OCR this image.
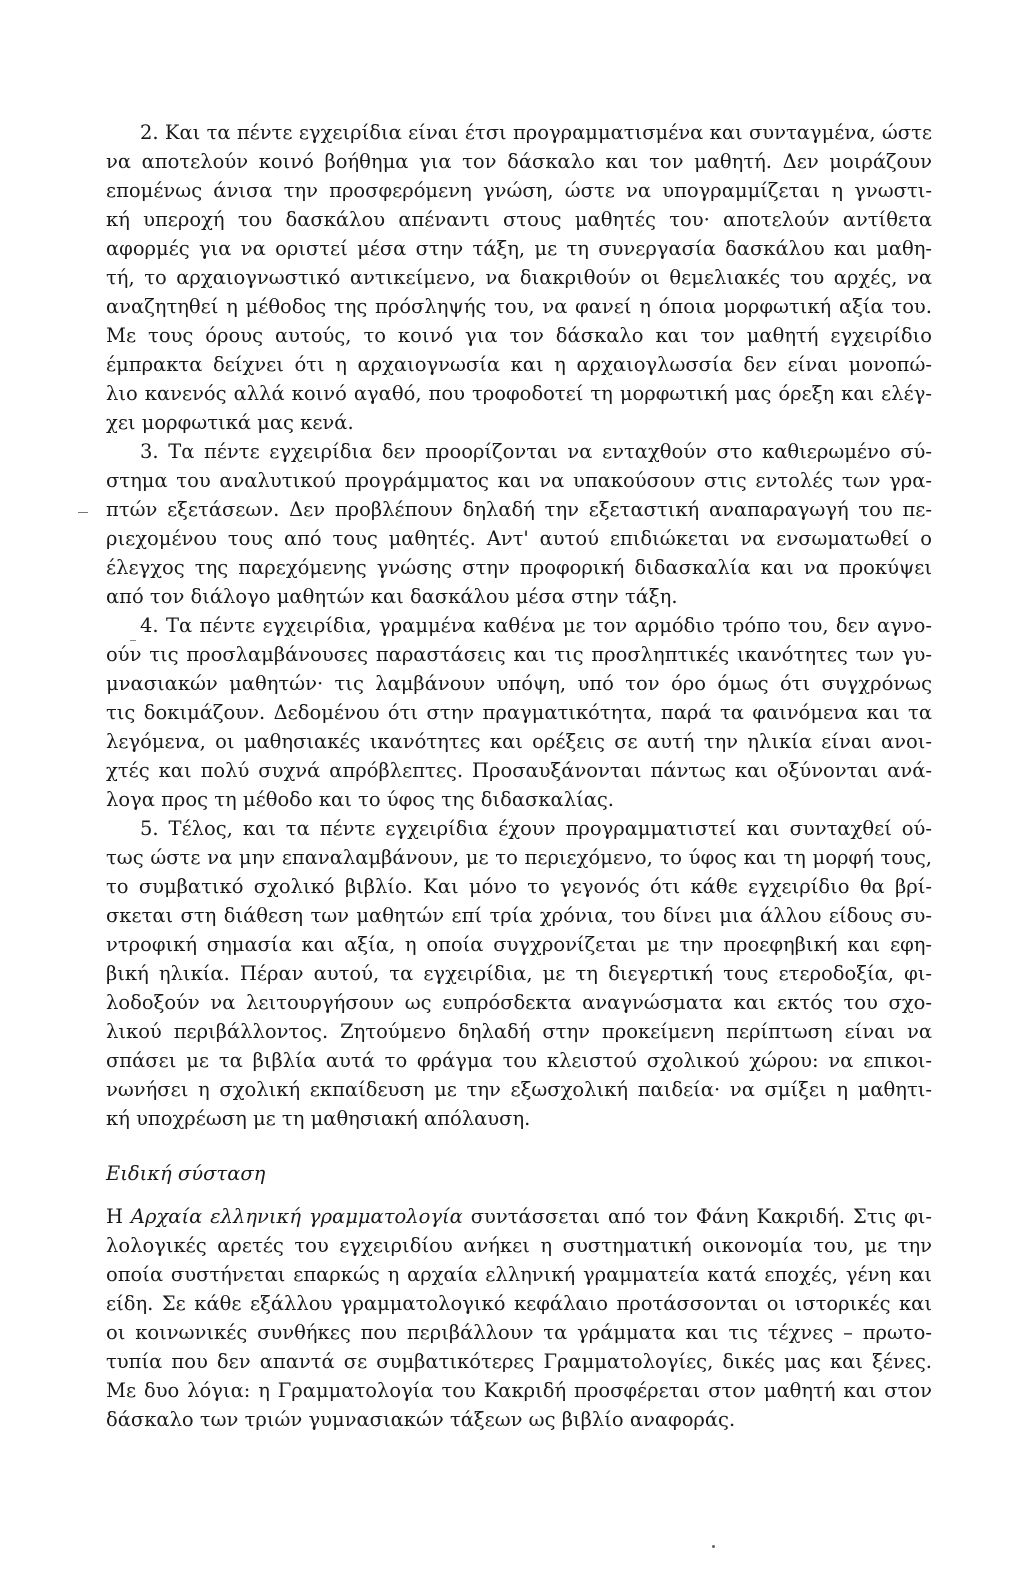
2. Και τα πέντε εγχειρίδια είναι έτσι προγραμματισμένα και συνταγμένα, ώστε
να αποτελούν κοινό βοήθημα για τον δάσκαλο και τον μαθητή. Δεν μοιράζουν
επομένως άνισα την προσφερόμενη γνώση, ώστε να υπογραμμίζεται η γνωστι-
κή υπεροχή του δασκάλου απέναντι στους μαθητές του· αποτελούν αντίθετα
αφορμές για να οριστεί μέσα στην τάξη, με τη συνεργασία δασκάλου και μαθη-
τή, το αρχαιογνωστικό αντικείμενο, να διακριθούν οι θεμελιακές του αρχές, να
αναζητηθεί η μέθοδος της πρόσληψής του, να φανεί η όποια μορφωτική αξία του.
Με τους όρους αυτούς, το κοινό για τον δάσκαλο και τον μαθητή εγχειρίδιο
έμπρακτα δείχνει ότι η αρχαιογνωσία και η αρχαιογλωσσία δεν είναι μονοπώ-
λιο κανενός αλλά κοινό αγαθό, που τροφοδοτεί τη μορφωτική μας όρεξη και ελέγ-
χει μορφωτικά μας κενά.
3. Τα πέντε εγχειρίδια δεν προορίζονται να ενταχθούν στο καθιερωμένο σύ-
στημα του αναλυτικού προγράμματος και να υπακούσουν στις εντολές των γρα-
πτών εξετάσεων. Δεν προβλέπουν δηλαδή την εξεταστική αναπαραγωγή του πε-
ριεχομένου τους από τους μαθητές. Αντ' αυτού επιδιώκεται να ενσωματωθεί ο
έλεγχος της παρεχόμενης γνώσης στην προφορική διδασκαλία και να προκύψει
από τον διάλογο μαθητών και δασκάλου μέσα στην τάξη.
4. Τα πέντε εγχειρίδια, γραμμένα καθένα με τον αρμόδιο τρόπο του, δεν αγνο-
ούν τις προσλαμβάνουσες παραστάσεις και τις προσληπτικές ικανότητες των γυ-
μνασιακών μαθητών· τις λαμβάνουν υπόψη, υπό τον όρο όμως ότι συγχρόνως
τις δοκιμάζουν. Δεδομένου ότι στην πραγματικότητα, παρά τα φαινόμενα και τα
λεγόμενα, οι μαθησιακές ικανότητες και ορέξεις σε αυτή την ηλικία είναι ανοι-
χτές και πολύ συχνά απρόβλεπτες. Προσαυξάνονται πάντως και οξύνονται ανά-
λογα προς τη μέθοδο και το ύφος της διδασκαλίας.
5. Τέλος, και τα πέντε εγχειρίδια έχουν προγραμματιστεί και συνταχθεί ού-
τως ώστε να μην επαναλαμβάνουν, με το περιεχόμενο, το ύφος και τη μορφή τους,
το συμβατικό σχολικό βιβλίο. Και μόνο το γεγονός ότι κάθε εγχειρίδιο θα βρί-
σκεται στη διάθεση των μαθητών επί τρία χρόνια, του δίνει μια άλλου είδους συ-
ντροφική σημασία και αξία, η οποία συγχρονίζεται με την προεφηβική και εφη-
βική ηλικία. Πέραν αυτού, τα εγχειρίδια, με τη διεγερτική τους ετεροδοξία, φι-
λοδοξούν να λειτουργήσουν ως ευπρόσδεκτα αναγνώσματα και εκτός του σχο-
λικού περιβάλλοντος. Ζητούμενο δηλαδή στην προκείμενη περίπτωση είναι να
σπάσει με τα βιβλία αυτά το φράγμα του κλειστού σχολικού χώρου: να επικοι-
νωνήσει η σχολική εκπαίδευση με την εξωσχολική παιδεία· να σμίξει η μαθητι-
κή υποχρέωση με τη μαθησιακή απόλαυση.
Ειδική σύσταση
Η Αρχαία ελληνική γραμματολογία συντάσσεται από τον Φάνη Κακριδή. Στις φι-
λολογικές αρετές του εγχειριδίου ανήκει η συστηματική οικονομία του, με την
οποία συστήνεται επαρκώς η αρχαία ελληνική γραμματεία κατά εποχές, γένη και
είδη. Σε κάθε εξάλλου γραμματολογικό κεφάλαιο προτάσσονται οι ιστορικές και
οι κοινωνικές συνθήκες που περιβάλλουν τα γράμματα και τις τέχνες – πρωτο-
τυπία που δεν απαντά σε συμβατικότερες Γραμματολογίες, δικές μας και ξένες.
Με δυο λόγια: η Γραμματολογία του Κακριδή προσφέρεται στον μαθητή και στον
δάσκαλο των τριών γυμνασιακών τάξεων ως βιβλίο αναφοράς.
